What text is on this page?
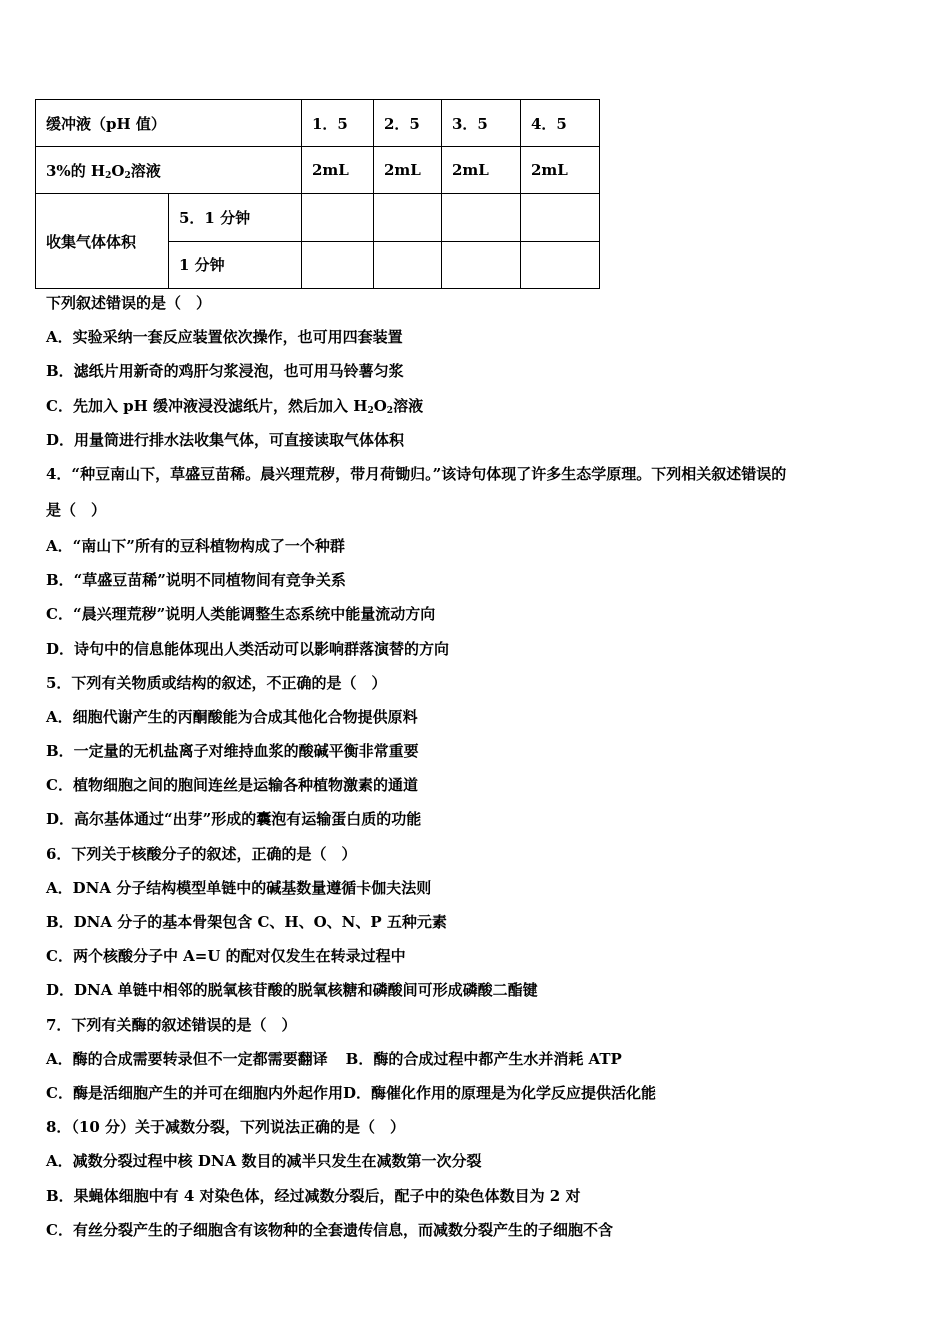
缓冲液（pH 值）		1．5	2．5	3．5	4．5
3%的 $H_2O_2$溶液		2mL	2mL	2mL	2mL
收集气体体积	5．1 分钟				
	1 分钟				
下列叙述错误的是（　）
A．实验采纳一套反应装置依次操作，也可用四套装置
B．滤纸片用新奇的鸡肝匀浆浸泡，也可用马铃薯匀浆
C．先加入 pH 缓冲液浸没滤纸片，然后加入 $H_2O_2$溶液
D．用量筒进行排水法收集气体，可直接读取气体体积
4．“种豆南山下，草盛豆苗稀。晨兴理荒秽，带月荷锄归。”该诗句体现了许多生态学原理。下列相关叙述错误的
是（　）
A．“南山下”所有的豆科植物构成了一个种群
B．“草盛豆苗稀”说明不同植物间有竞争关系
C．“晨兴理荒秽”说明人类能调整生态系统中能量流动方向
D．诗句中的信息能体现出人类活动可以影响群落演替的方向
5．下列有关物质或结构的叙述，不正确的是（　）
A．细胞代谢产生的丙酮酸能为合成其他化合物提供原料
B．一定量的无机盐离子对维持血浆的酸碱平衡非常重要
C．植物细胞之间的胞间连丝是运输各种植物激素的通道
D．高尔基体通过“出芽”形成的囊泡有运输蛋白质的功能
6．下列关于核酸分子的叙述，正确的是（　）
A．DNA 分子结构模型单链中的碱基数量遵循卡伽夫法则
B．DNA 分子的基本骨架包含 C、H、O、N、P 五种元素
C．两个核酸分子中 A=U 的配对仅发生在转录过程中
D．DNA 单链中相邻的脱氧核苷酸的脱氧核糖和磷酸间可形成磷酸二酯键
7．下列有关酶的叙述错误的是（　）
A．酶的合成需要转录但不一定都需要翻译 B．酶的合成过程中都产生水并消耗 ATP
C．酶是活细胞产生的并可在细胞内外起作用D．酶催化作用的原理是为化学反应提供活化能
8．（10 分）关于减数分裂，下列说法正确的是（　）
A．减数分裂过程中核 DNA 数目的减半只发生在减数第一次分裂
B．果蝇体细胞中有 4 对染色体，经过减数分裂后，配子中的染色体数目为 2 对
C．有丝分裂产生的子细胞含有该物种的全套遗传信息，而减数分裂产生的子细胞不含
